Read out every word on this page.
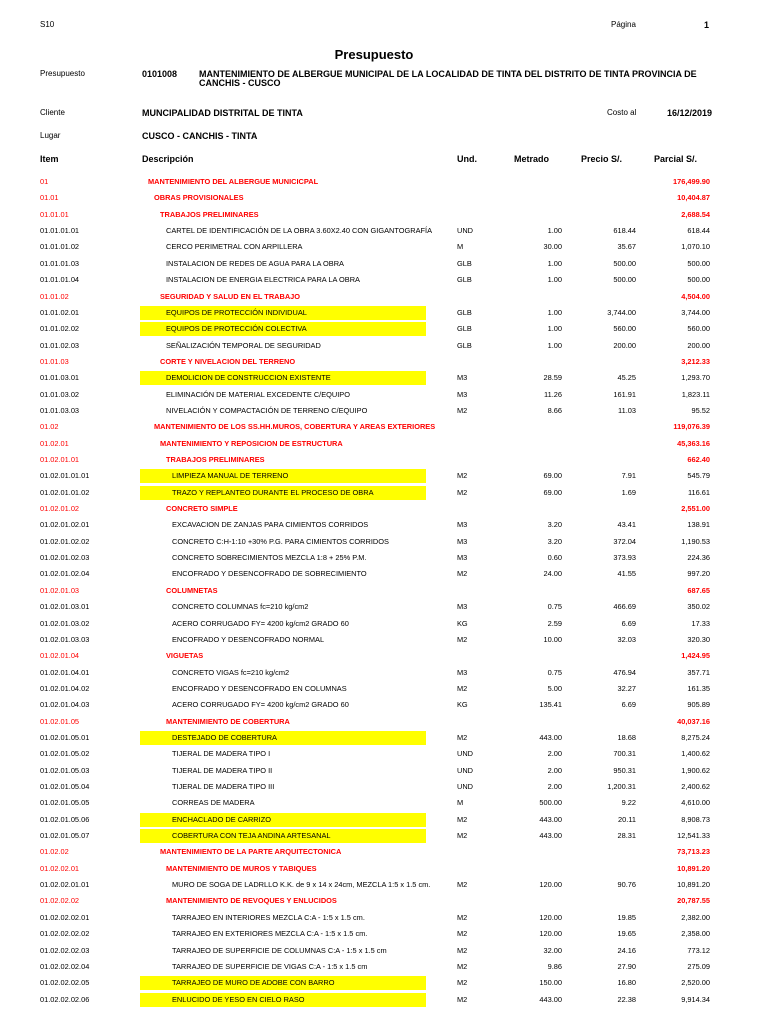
S10	Página	1
Presupuesto
Presupuesto	0101008 MANTENIMIENTO DE ALBERGUE MUNICIPAL DE LA LOCALIDAD DE TINTA DEL DISTRITO DE TINTA PROVINCIA DE
CANCHIS - CUSCO
Cliente	MUNCIPALIDAD DISTRITAL DE TINTA	Costo al	16/12/2019
Lugar	CUSCO - CANCHIS - TINTA
Item	Descripción	Und.	Metrado	Precio S/.	Parcial S/.
01	MANTENIMIENTO DEL ALBERGUE MUNICICPAL	176,499.90
01.01	OBRAS PROVISIONALES	10,404.87
01.01.01	TRABAJOS PRELIMINARES	2,688.54
01.01.01.01	CARTEL DE IDENTIFICACIÓN DE LA OBRA 3.60X2.40 CON GIGANTOGRAFÍA	UND	1.00	618.44	618.44
01.01.01.02	CERCO PERIMETRAL CON ARPILLERA	M	30.00	35.67	1,070.10
01.01.01.03	INSTALACION DE REDES DE AGUA PARA LA OBRA	GLB	1.00	500.00	500.00
01.01.01.04	INSTALACION DE ENERGIA ELECTRICA PARA LA OBRA	GLB	1.00	500.00	500.00
01.01.02	SEGURIDAD Y SALUD EN EL TRABAJO	4,504.00
01.01.02.01	EQUIPOS DE PROTECCIÓN INDIVIDUAL	GLB	1.00	3,744.00	3,744.00
01.01.02.02	EQUIPOS DE PROTECCIÓN COLECTIVA	GLB	1.00	560.00	560.00
01.01.02.03	SEÑALIZACIÓN TEMPORAL DE SEGURIDAD	GLB	1.00	200.00	200.00
01.01.03	CORTE Y NIVELACION DEL TERRENO	3,212.33
01.01.03.01	DEMOLICION DE CONSTRUCCION EXISTENTE	M3	28.59	45.25	1,293.70
01.01.03.02	ELIMINACIÓN DE MATERIAL EXCEDENTE C/EQUIPO	M3	11.26	161.91	1,823.11
01.01.03.03	NIVELACIÓN Y COMPACTACIÓN DE TERRENO C/EQUIPO	M2	8.66	11.03	95.52
01.02	MANTENIMIENTO DE LOS SS.HH.MUROS, COBERTURA Y AREAS EXTERIORES	119,076.39
01.02.01	MANTENIMIENTO Y REPOSICION DE ESTRUCTURA	45,363.16
01.02.01.01	TRABAJOS PRELIMINARES	662.40
01.02.01.01.01	LIMPIEZA MANUAL DE TERRENO	M2	69.00	7.91	545.79
01.02.01.01.02	TRAZO Y REPLANTEO DURANTE EL PROCESO DE OBRA	M2	69.00	1.69	116.61
01.02.01.02	CONCRETO SIMPLE	2,551.00
01.02.01.02.01	EXCAVACION DE ZANJAS PARA CIMIENTOS CORRIDOS	M3	3.20	43.41	138.91
01.02.01.02.02	CONCRETO C:H-1:10 +30% P.G. PARA CIMIENTOS CORRIDOS	M3	3.20	372.04	1,190.53
01.02.01.02.03	CONCRETO SOBRECIMIENTOS MEZCLA 1:8 + 25% P.M.	M3	0.60	373.93	224.36
01.02.01.02.04	ENCOFRADO Y DESENCOFRADO DE SOBRECIMIENTO	M2	24.00	41.55	997.20
01.02.01.03	COLUMNETAS	687.65
01.02.01.03.01	CONCRETO COLUMNAS fc=210 kg/cm2	M3	0.75	466.69	350.02
01.02.01.03.02	ACERO CORRUGADO FY= 4200 kg/cm2 GRADO 60	KG	2.59	6.69	17.33
01.02.01.03.03	ENCOFRADO Y DESENCOFRADO NORMAL	M2	10.00	32.03	320.30
01.02.01.04	VIGUETAS	1,424.95
01.02.01.04.01	CONCRETO VIGAS fc=210 kg/cm2	M3	0.75	476.94	357.71
01.02.01.04.02	ENCOFRADO Y DESENCOFRADO EN COLUMNAS	M2	5.00	32.27	161.35
01.02.01.04.03	ACERO CORRUGADO FY= 4200 kg/cm2 GRADO 60	KG	135.41	6.69	905.89
01.02.01.05	MANTENIMIENTO DE COBERTURA	40,037.16
01.02.01.05.01	DESTEJADO DE COBERTURA	M2	443.00	18.68	8,275.24
01.02.01.05.02	TIJERAL DE MADERA TIPO I	UND	2.00	700.31	1,400.62
01.02.01.05.03	TIJERAL DE MADERA TIPO II	UND	2.00	950.31	1,900.62
01.02.01.05.04	TIJERAL DE MADERA TIPO III	UND	2.00	1,200.31	2,400.62
01.02.01.05.05	CORREAS DE MADERA	M	500.00	9.22	4,610.00
01.02.01.05.06	ENCHACLADO DE CARRIZO	M2	443.00	20.11	8,908.73
01.02.01.05.07	COBERTURA CON TEJA ANDINA ARTESANAL	M2	443.00	28.31	12,541.33
01.02.02	MANTENIMIENTO DE LA PARTE ARQUITECTONICA	73,713.23
01.02.02.01	MANTENIMIENTO DE MUROS Y TABIQUES	10,891.20
01.02.02.01.01	MURO DE SOGA DE LADRLLO K.K. de 9 x 14 x 24cm, MEZCLA 1:5 x 1.5 cm.	M2	120.00	90.76	10,891.20
01.02.02.02	MANTENIMIENTO DE REVOQUES Y ENLUCIDOS	20,787.55
01.02.02.02.01	TARRAJEO EN INTERIORES MEZCLA C:A - 1:5 x 1.5 cm.	M2	120.00	19.85	2,382.00
01.02.02.02.02	TARRAJEO EN EXTERIORES MEZCLA C:A - 1:5 x 1.5 cm.	M2	120.00	19.65	2,358.00
01.02.02.02.03	TARRAJEO DE SUPERFICIE DE COLUMNAS C:A - 1:5 x 1.5 cm	M2	32.00	24.16	773.12
01.02.02.02.04	TARRAJEO DE SUPERFICIE DE VIGAS C:A - 1:5 x 1.5 cm	M2	9.86	27.90	275.09
01.02.02.02.05	TARRAJEO DE MURO DE ADOBE CON BARRO	M2	150.00	16.80	2,520.00
01.02.02.02.06	ENLUCIDO DE YESO EN CIELO RASO	M2	443.00	22.38	9,914.34
